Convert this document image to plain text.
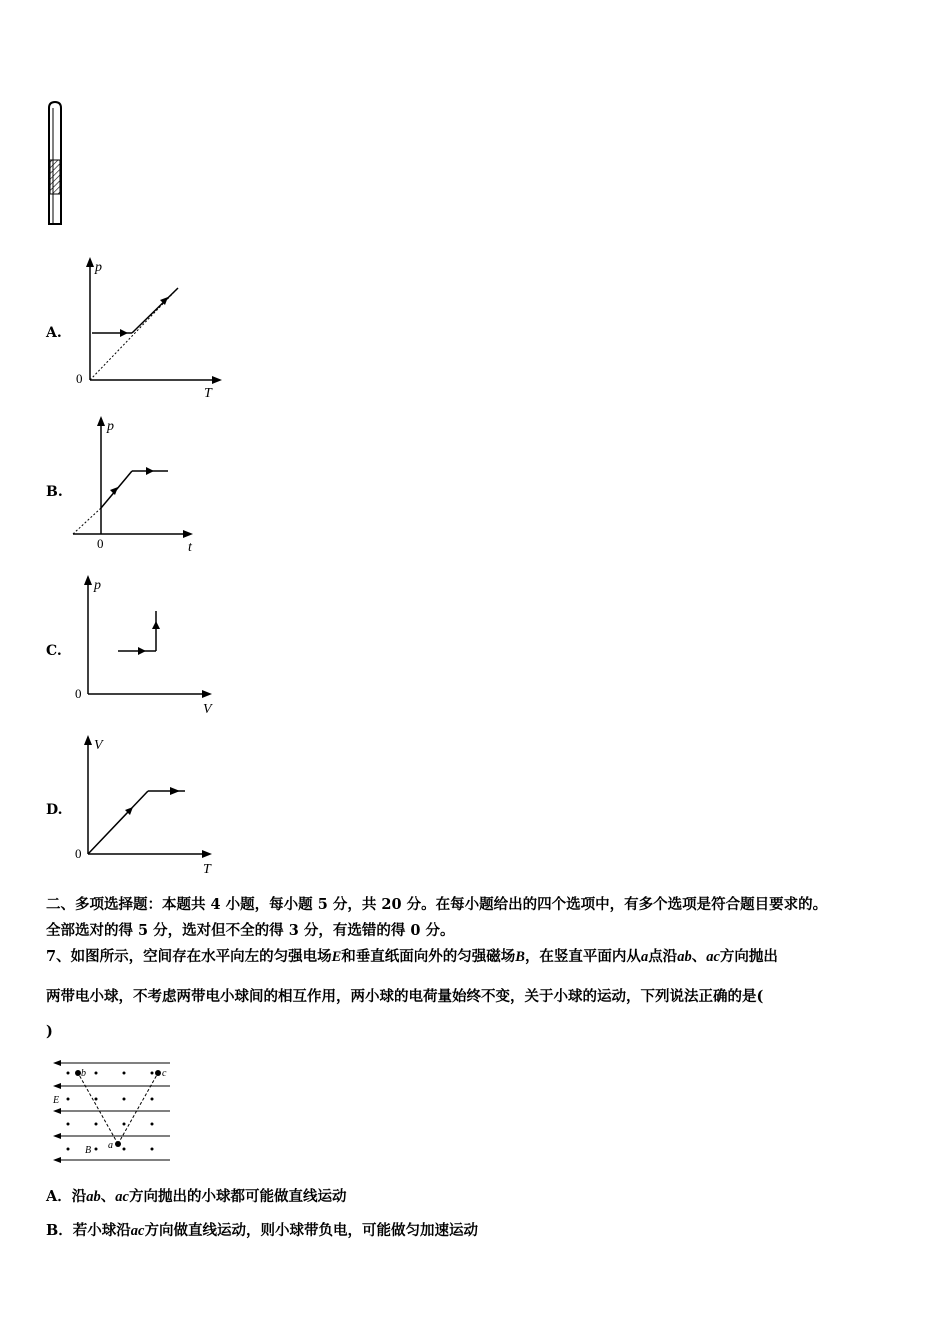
A.
p
T
0
B.
p
t
0
C.
p
V
0
D.
V
T
0
二、多项选择题：本题共 4 小题，每小题 5 分，共 20 分。在每小题给出的四个选项中，有多个选项是符合题目要求的。
全部选对的得 5 分，选对但不全的得 3 分，有选错的得 0 分。
7、如图所示，空间存在水平向左的匀强电场E和垂直纸面向外的匀强磁场B，在竖直平面内从a点沿ab、ac方向抛出
两带电小球，不考虑两带电小球间的相互作用，两小球的电荷量始终不变，关于小球的运动，下列说法正确的是(
)
b	c
E
B a
A．沿ab、ac方向抛出的小球都可能做直线运动
B．若小球沿ac方向做直线运动，则小球带负电，可能做匀加速运动
